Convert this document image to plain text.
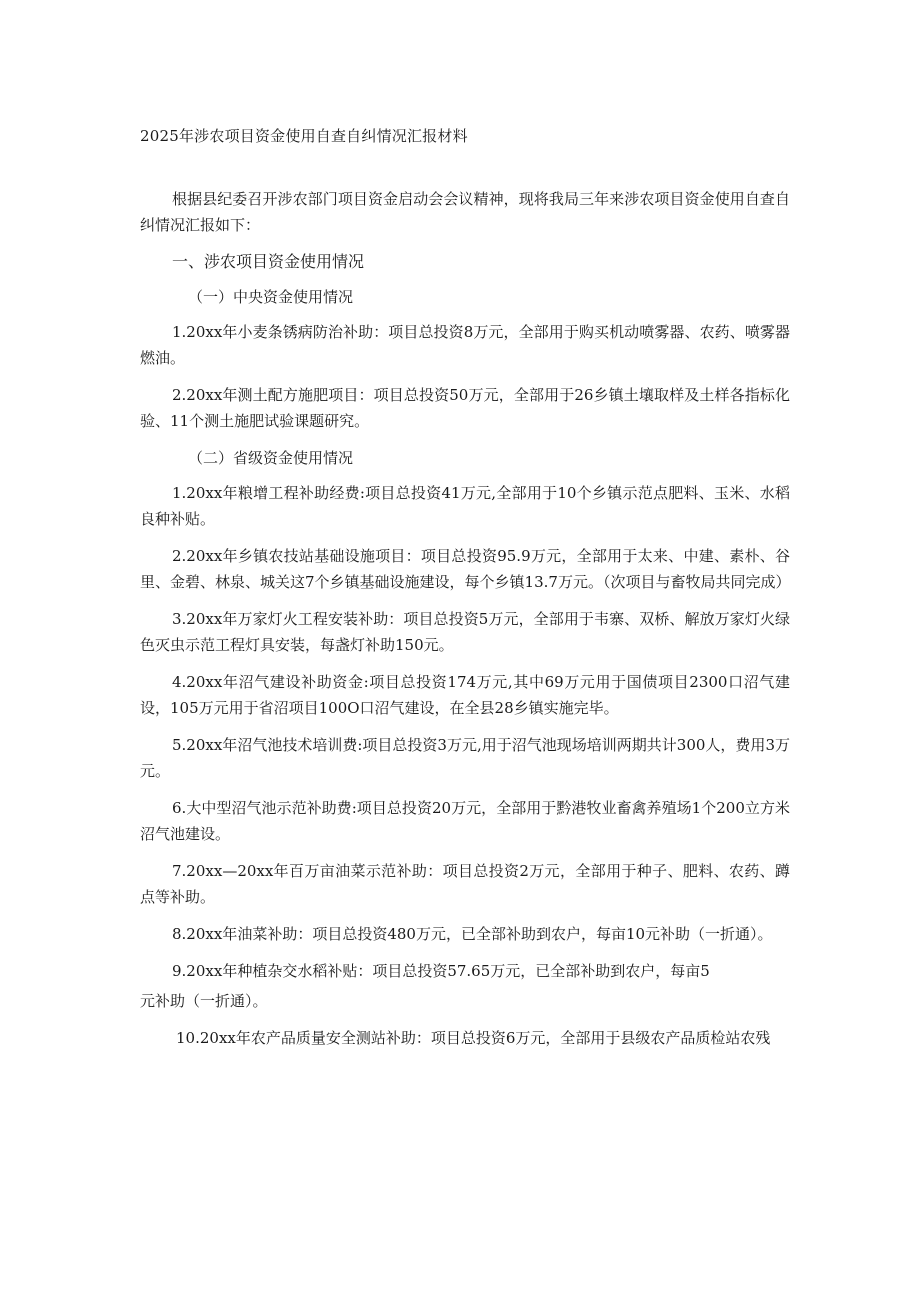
2025年涉农项目资金使用自查自纠情况汇报材料

根据县纪委召开涉农部门项目资金启动会会议精神，现将我局三年来涉农项目资金使用自查自纠情况汇报如下：

一、涉农项目资金使用情况

（一）中央资金使用情况

1.20xx年小麦条锈病防治补助：项目总投资8万元，全部用于购买机动喷雾器、农药、喷雾器燃油。

2.20xx年测土配方施肥项目：项目总投资50万元，全部用于26乡镇土壤取样及土样各指标化验、11个测土施肥试验课题研究。

（二）省级资金使用情况

1.20xx年粮增工程补助经费:项目总投资41万元,全部用于10个乡镇示范点肥料、玉米、水稻良种补贴。

2.20xx年乡镇农技站基础设施项目：项目总投资95.9万元，全部用于太来、中建、素朴、谷里、金碧、林泉、城关这7个乡镇基础设施建设，每个乡镇13.7万元。（次项目与畜牧局共同完成）

3.20xx年万家灯火工程安装补助：项目总投资5万元，全部用于韦寨、双桥、解放万家灯火绿色灭虫示范工程灯具安装，每盏灯补助150元。

4.20xx年沼气建设补助资金:项目总投资174万元,其中69万元用于国债项目2300口沼气建设，105万元用于省沼项目100O口沼气建设，在全县28乡镇实施完毕。

5.20xx年沼气池技术培训费:项目总投资3万元,用于沼气池现场培训两期共计300人，费用3万元。

6.大中型沼气池示范补助费:项目总投资20万元，全部用于黔港牧业畜禽养殖场1个200立方米沼气池建设。

7.20xx—20xx年百万亩油菜示范补助：项目总投资2万元，全部用于种子、肥料、农药、蹲点等补助。

8.20xx年油菜补助：项目总投资480万元，已全部补助到农户，每亩10元补助（一折通）。

9.20xx年种植杂交水稻补贴：项目总投资57.65万元，已全部补助到农户，每亩5

元补助（一折通）。

10.20xx年农产品质量安全测站补助：项目总投资6万元，全部用于县级农产品质检站农残
